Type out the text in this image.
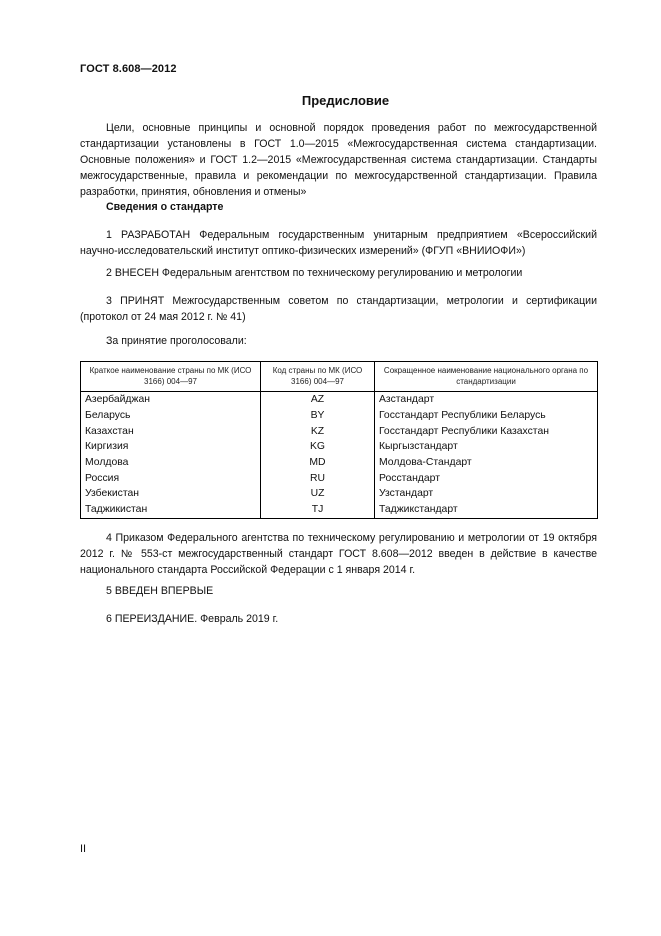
ГОСТ 8.608—2012
Предисловие
Цели, основные принципы и основной порядок проведения работ по межгосударственной стандартизации установлены в ГОСТ 1.0—2015 «Межгосударственная система стандартизации. Основные положения» и ГОСТ 1.2—2015 «Межгосударственная система стандартизации. Стандарты межгосударственные, правила и рекомендации по межгосударственной стандартизации. Правила разработки, принятия, обновления и отмены»
Сведения о стандарте
1 РАЗРАБОТАН Федеральным государственным унитарным предприятием «Всероссийский научно-исследовательский институт оптико-физических измерений» (ФГУП «ВНИИОФИ»)
2 ВНЕСЕН Федеральным агентством по техническому регулированию и метрологии
3 ПРИНЯТ Межгосударственным советом по стандартизации, метрологии и сертификации (протокол от 24 мая 2012 г. № 41)
За принятие проголосовали:
Краткое наименование страны по МК (ИСО 3166) 004—97	Код страны по МК (ИСО 3166) 004—97	Сокращенное наименование национального органа по стандартизации
Азербайджан	AZ	Азстандарт
Беларусь	BY	Госстандарт Республики Беларусь
Казахстан	KZ	Госстандарт Республики Казахстан
Киргизия	KG	Кыргызстандарт
Молдова	MD	Молдова-Стандарт
Россия	RU	Росстандарт
Узбекистан	UZ	Узстандарт
Таджикистан	TJ	Таджикстандарт
4 Приказом Федерального агентства по техническому регулированию и метрологии от 19 октября 2012 г. № 553-ст межгосударственный стандарт ГОСТ 8.608—2012 введен в действие в качестве национального стандарта Российской Федерации с 1 января 2014 г.
5 ВВЕДЕН ВПЕРВЫЕ
6 ПЕРЕИЗДАНИЕ. Февраль 2019 г.
II
